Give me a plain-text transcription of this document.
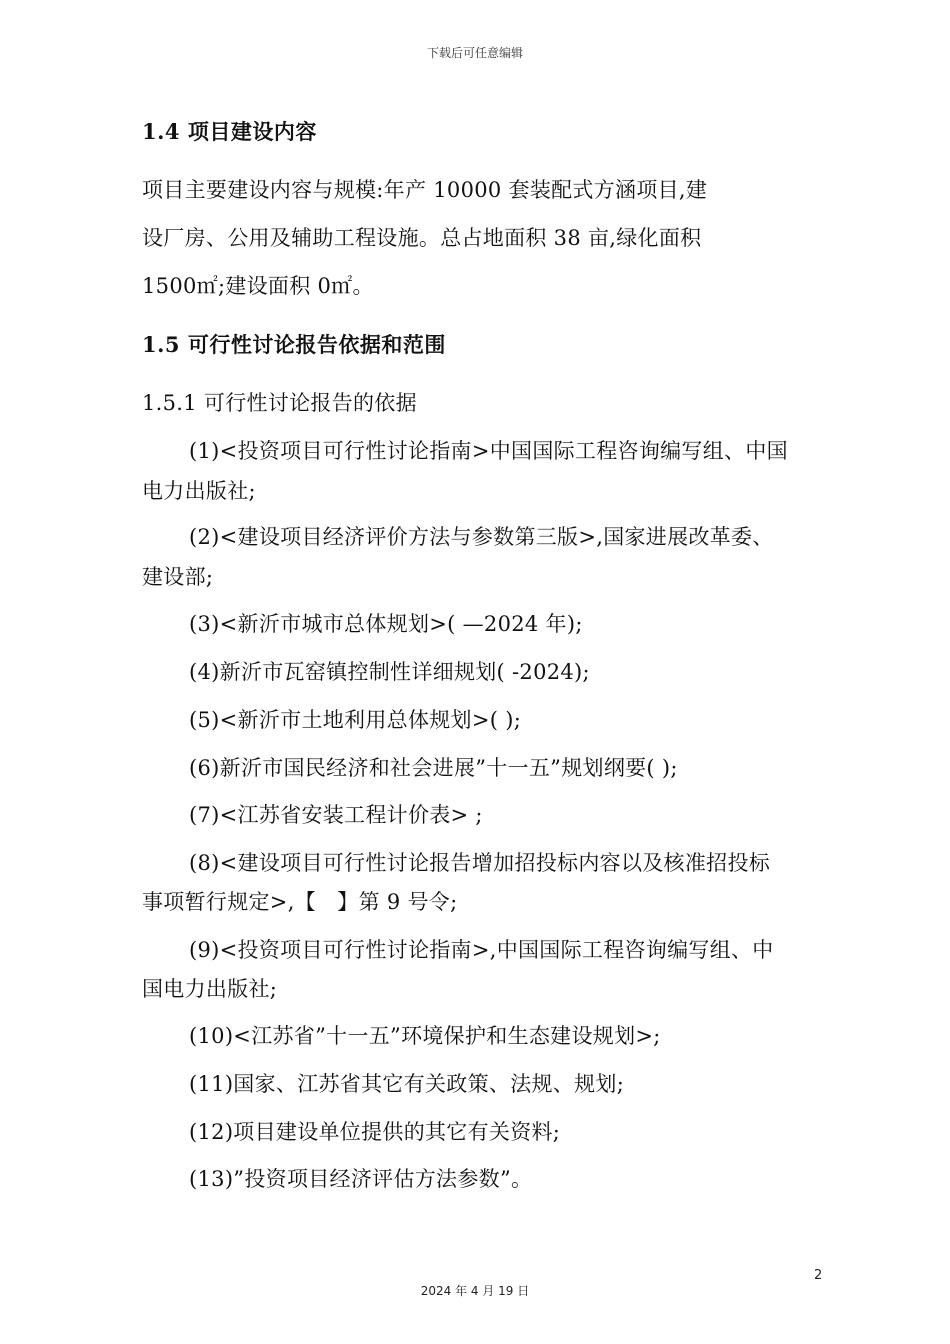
下载后可任意编辑
1.4 项目建设内容
项目主要建设内容与规模:年产 10000 套装配式方涵项目,建
设厂房、公用及辅助工程设施。总占地面积 38 亩,绿化面积
1500㎡;建设面积 0㎡。
1.5 可行性讨论报告依据和范围
1.5.1 可行性讨论报告的依据
(1)<投资项目可行性讨论指南>中国国际工程咨询编写组、中国
电力出版社;
(2)<建设项目经济评价方法与参数第三版>,国家进展改革委、
建设部;
(3)<新沂市城市总体规划>( —2024 年);
(4)新沂市瓦窑镇控制性详细规划( -2024);
(5)<新沂市土地利用总体规划>( );
(6)新沂市国民经济和社会进展”十一五”规划纲要( );
(7)<江苏省安装工程计价表> ;
(8)<建设项目可行性讨论报告增加招投标内容以及核准招投标
事项暂行规定>,【　】第 9 号令;
(9)<投资项目可行性讨论指南>,中国国际工程咨询编写组、中
国电力出版社;
(10)<江苏省”十一五”环境保护和生态建设规划>;
(11)国家、江苏省其它有关政策、法规、规划;
(12)项目建设单位提供的其它有关资料;
(13)”投资项目经济评估方法参数”。
2
2024 年 4 月 19 日
